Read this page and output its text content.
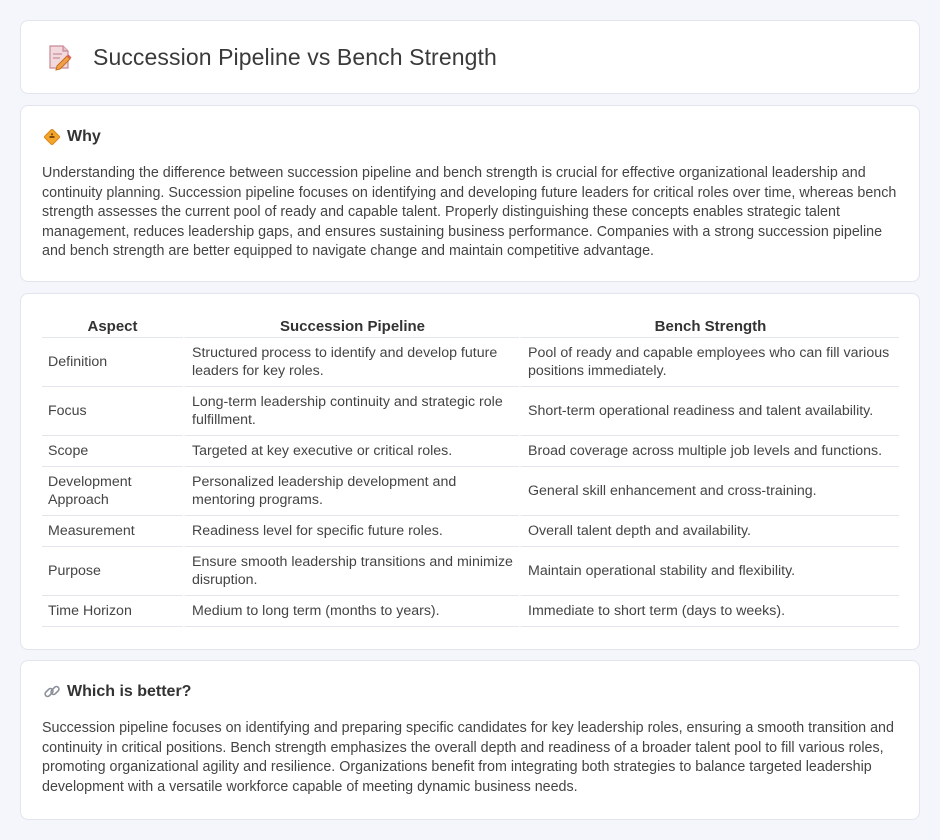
Succession Pipeline vs Bench Strength
Why

Understanding the difference between succession pipeline and bench strength is crucial for effective organizational leadership and continuity planning. Succession pipeline focuses on identifying and developing future leaders for critical roles over time, whereas bench strength assesses the current pool of ready and capable talent. Properly distinguishing these concepts enables strategic talent management, reduces leadership gaps, and ensures sustaining business performance. Companies with a strong succession pipeline and bench strength are better equipped to navigate change and maintain competitive advantage.

Aspect	Succession Pipeline	Bench Strength
Definition	Structured process to identify and develop future leaders for key roles.	Pool of ready and capable employees who can fill various positions immediately.
Focus	Long-term leadership continuity and strategic role fulfillment.	Short-term operational readiness and talent availability.
Scope	Targeted at key executive or critical roles.	Broad coverage across multiple job levels and functions.
Development Approach	Personalized leadership development and mentoring programs.	General skill enhancement and cross-training.
Measurement	Readiness level for specific future roles.	Overall talent depth and availability.
Purpose	Ensure smooth leadership transitions and minimize disruption.	Maintain operational stability and flexibility.
Time Horizon	Medium to long term (months to years).	Immediate to short term (days to weeks).
Which is better?

Succession pipeline focuses on identifying and preparing specific candidates for key leadership roles, ensuring a smooth transition and continuity in critical positions. Bench strength emphasizes the overall depth and readiness of a broader talent pool to fill various roles, promoting organizational agility and resilience. Organizations benefit from integrating both strategies to balance targeted leadership development with a versatile workforce capable of meeting dynamic business needs.
